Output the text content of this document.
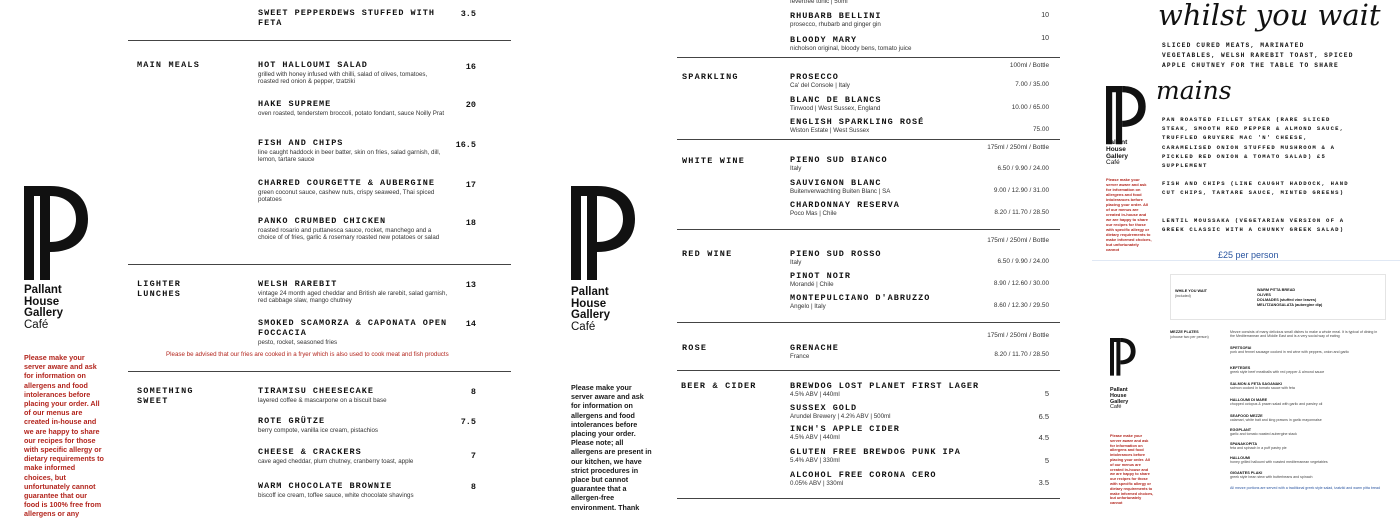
SWEET PEPPERDEWS STUFFED WITH FETA
3.5
Pallant
House
Gallery
Café
Please make your server aware and ask for information on allergens and food intolerances before placing your order. All of our menus are created in-house and we are happy to share our recipes for those with specific allergy or dietary requirements to make informed choices, but unfortunately cannot guarantee that our food is 100% free from allergens or any
MAIN MEALS	HOT HALLOUMI SALAD
grilled with honey infused with chilli, salad of olives, tomatoes, roasted red onion & pepper, tzatziki
16
HAKE SUPREME
oven roasted, tenderstem broccoli, potato fondant, sauce Noilly Prat
20
FISH AND CHIPS
line caught haddock in beer batter, skin on fries, salad garnish, dill, lemon, tartare sauce
16.5
CHARRED COURGETTE & AUBERGINE
green coconut sauce, cashew nuts, crispy seaweed, Thai spiced potatoes
17
PANKO CRUMBED CHICKEN
roasted rosario and puttanesca sauce, rocket, manchego and a choice of of fries, garlic & rosemary roasted new potatoes or salad
18
LIGHTER
LUNCHES
WELSH RAREBIT
vintage 24 month aged cheddar and British ale rarebit, salad garnish, red cabbage slaw, mango chutney
13
SMOKED SCAMORZA & CAPONATA OPEN FOCCACIA
pesto, rocket, seasoned fries
14
Please be advised that our fries are cooked in a fryer which is also used to cook meat and fish products
SOMETHING
SWEET
TIRAMISU CHEESECAKE
layered coffee & mascarpone on a biscuit base
8
ROTE GRÜTZE
berry compote, vanilla ice cream, pistachios
7.5
CHEESE & CRACKERS
cave aged cheddar, plum chutney, cranberry toast, apple
7
WARM CHOCOLATE BROWNIE
biscoff ice cream, toffee sauce, white chocolate shavings
8
Pallant
House
Gallery
Café
Please make your server aware and ask for information on allergens and food intolerances before placing your order. Please note; all allergens are present in our kitchen, we have strict procedures in place but cannot guarantee that a allergen-free environment. Thank
fevertree tonic | 50ml
RHUBARB BELLINI
prosecco, rhubarb and ginger gin
10
BLOODY MARY
nicholson original, bloody bens, tomato juice
10
SPARKLING
100ml / Bottle
PROSECCO
Ca' del Console | Italy	7.00 / 35.00
BLANC DE BLANCS
Tinwood | West Sussex, England	10.00 / 65.00
ENGLISH SPARKLING ROSÉ
Wiston Estate | West Sussex	75.00
WHITE WINE
175ml / 250ml / Bottle
PIENO SUD BIANCO
Italy	6.50 / 9.90 / 24.00
SAUVIGNON BLANC
Buitenverwachting Buiten Blanc | SA	9.00 / 12.90 / 31.00
CHARDONNAY RESERVA
Poco Mas | Chile	8.20 / 11.70 / 28.50
RED WINE
175ml / 250ml / Bottle
PIENO SUD ROSSO
Italy	6.50 / 9.90 / 24.00
PINOT NOIR
Morandé | Chile	8.90 / 12.60 / 30.00
MONTEPULCIANO D'ABRUZZO
Angelo | Italy	8.60 / 12.30 / 29.50
ROSE
175ml / 250ml / Bottle
GRENACHE
France	8.20 / 11.70 / 28.50
BEER & CIDER	BREWDOG LOST PLANET FIRST LAGER
4.5% ABV | 440ml	5
SUSSEX GOLD
Arundel Brewery | 4.2% ABV | 500ml	6.5
INCH'S APPLE CIDER
4.5% ABV | 440ml	4.5
GLUTEN FREE BREWDOG PUNK IPA
5.4% ABV | 330ml	5
ALCOHOL FREE CORONA CERO
0.05% ABV | 330ml	3.5
whilst you wait
SLICED CURED MEATS, MARINATED VEGETABLES, WELSH RAREBIT TOAST, SPICED APPLE CHUTNEY FOR THE TABLE TO SHARE
mains
Pallant
House
Gallery
Café
Please make your server aware and ask for information on allergens and food intolerances before placing your order. All of our menus are created in-house and we are happy to share our recipes for those with specific allergy or dietary requirements to make informed choices, but unfortunately cannot
PAN ROASTED FILLET STEAK (RARE SLICED STEAK, SMOOTH RED PEPPER & ALMOND SAUCE, TRUFFLED GRUYERE MAC 'N' CHEESE, CARAMELISED ONION STUFFED MUSHROOM & A PICKLED RED ONION & TOMATO SALAD) £5 SUPPLEMENT
FISH AND CHIPS (LINE CAUGHT HADDOCK, HAND CUT CHIPS, TARTARE SAUCE, MINTED GREENS)
LENTIL MOUSSAKA (VEGETARIAN VERSION OF A GREEK CLASSIC WITH A CHUNKY GREEK SALAD)
£25 per person
WHILE YOU WAIT
(included)
WARM PITTA BREAD
OLIVES
DOLMADES (stuffed vine leaves)
MELITZANOSALATA (aubergine dip)
Pallant
House
Gallery
Café
Please make your server aware and ask for information on allergens and food intolerances before placing your order. All of our menus are created in-house and we are happy to share our recipes for those with specific allergy or dietary requirements to make informed choices, but unfortunately cannot
MEZZE PLATES
(choose two per person)
Mezze consists of many delicious small dishes to make a whole meal. It is typical of dining in the Mediterranean and Middle East and is a very social way of eating
SPETSOFAI
pork and fennel sausage cooked in red wine with peppers, onion and garlic
KEFTEDES
greek style beef meatballs with red pepper & almond sauce
SALMON & FETA SAGANAKI
salmon cooked in tomato sauce with feta
HALLOUMI DI MARE
chopped octopus & prawn salad with garlic and parsley oil
SEAFOOD MEZZE
calamari, white bait and king prawns in garlic mayonnaise
EGGPLANT
garlic and tomato roasted aubergine stack
SPANAKOPITA
feta and spinach in a puff pastry pie
HALLOUMI
honey grilled halloumi with roasted mediterranean vegetables
GIGANTES PLAKI
greek style bean stew with butterbeans and spinach
All mezze portions are served with a traditional greek style salad, tzatziki and warm pitta bread
